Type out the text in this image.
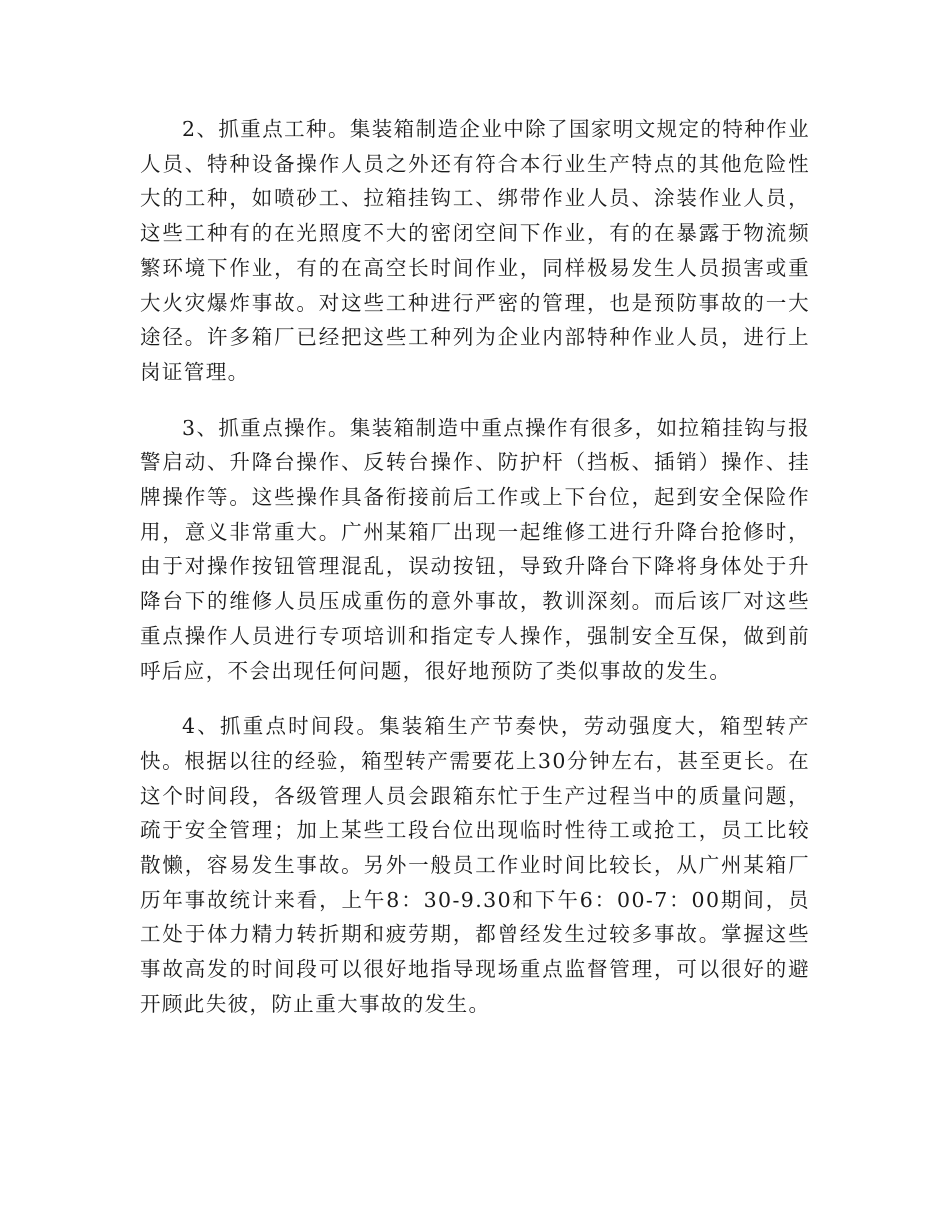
2、抓重点工种。集装箱制造企业中除了国家明文规定的特种作业人员、特种设备操作人员之外还有符合本行业生产特点的其他危险性大的工种，如喷砂工、拉箱挂钩工、绑带作业人员、涂装作业人员，这些工种有的在光照度不大的密闭空间下作业，有的在暴露于物流频繁环境下作业，有的在高空长时间作业，同样极易发生人员损害或重大火灾爆炸事故。对这些工种进行严密的管理，也是预防事故的一大途径。许多箱厂已经把这些工种列为企业内部特种作业人员，进行上岗证管理。

3、抓重点操作。集装箱制造中重点操作有很多，如拉箱挂钩与报警启动、升降台操作、反转台操作、防护杆（挡板、插销）操作、挂牌操作等。这些操作具备衔接前后工作或上下台位，起到安全保险作用，意义非常重大。广州某箱厂出现一起维修工进行升降台抢修时，由于对操作按钮管理混乱，误动按钮，导致升降台下降将身体处于升降台下的维修人员压成重伤的意外事故，教训深刻。而后该厂对这些重点操作人员进行专项培训和指定专人操作，强制安全互保，做到前呼后应，不会出现任何问题，很好地预防了类似事故的发生。

4、抓重点时间段。集装箱生产节奏快，劳动强度大，箱型转产快。根据以往的经验，箱型转产需要花上30分钟左右，甚至更长。在这个时间段，各级管理人员会跟箱东忙于生产过程当中的质量问题，疏于安全管理；加上某些工段台位出现临时性待工或抢工，员工比较散懒，容易发生事故。另外一般员工作业时间比较长，从广州某箱厂历年事故统计来看，上午8：30-9.30和下午6：00-7：00期间，员工处于体力精力转折期和疲劳期，都曾经发生过较多事故。掌握这些事故高发的时间段可以很好地指导现场重点监督管理，可以很好的避开顾此失彼，防止重大事故的发生。
